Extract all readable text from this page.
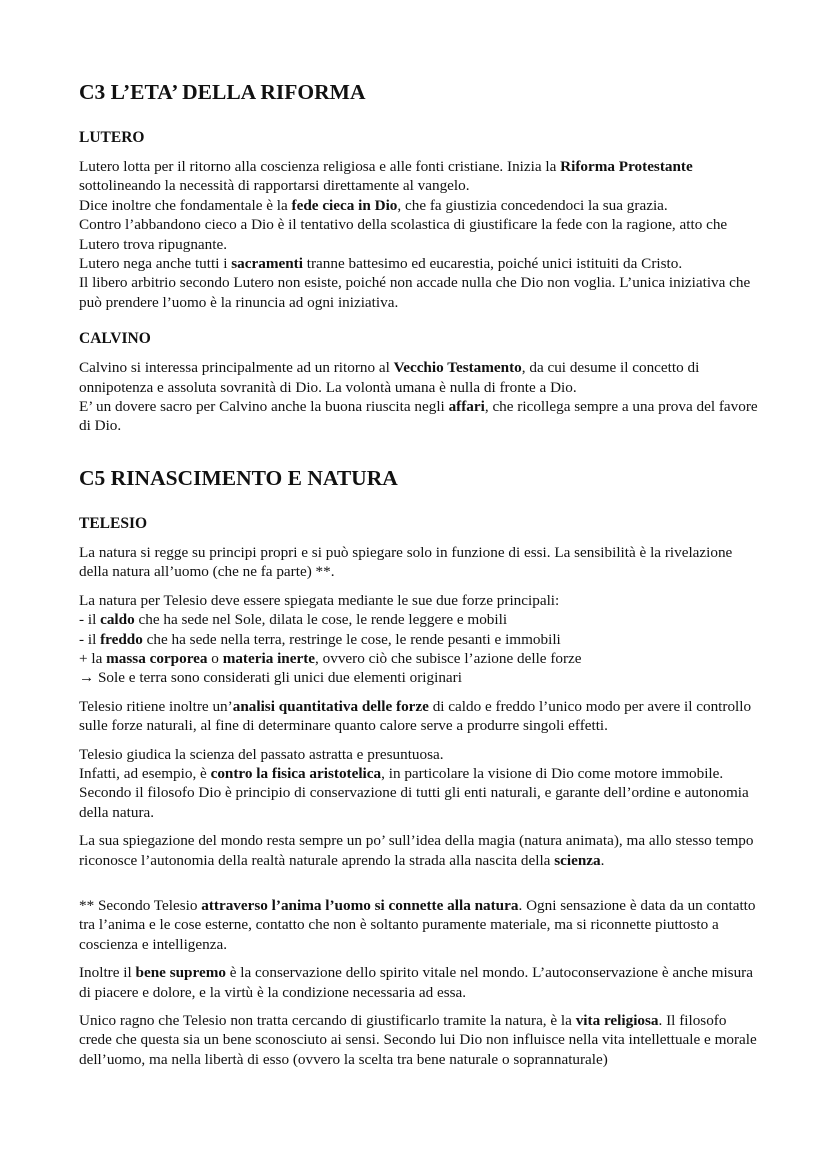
C3 L’ETA’ DELLA RIFORMA
LUTERO

Lutero lotta per il ritorno alla coscienza religiosa e alle fonti cristiane. Inizia la Riforma Protestante sottolineando la necessità di rapportarsi direttamente al vangelo.

Dice inoltre che fondamentale è la fede cieca in Dio, che fa giustizia concedendoci la sua grazia.

Contro l’abbandono cieco a Dio è il tentativo della scolastica di giustificare la fede con la ragione, atto che Lutero trova ripugnante.

Lutero nega anche tutti i sacramenti tranne battesimo ed eucarestia, poiché unici istituiti da Cristo.

Il libero arbitrio secondo Lutero non esiste, poiché non accade nulla che Dio non voglia. L’unica iniziativa che può prendere l’uomo è la rinuncia ad ogni iniziativa.

CALVINO

Calvino si interessa principalmente ad un ritorno al Vecchio Testamento, da cui desume il concetto di onnipotenza e assoluta sovranità di Dio. La volontà umana è nulla di fronte a Dio.

E’ un dovere sacro per Calvino anche la buona riuscita negli affari, che ricollega sempre a una prova del favore di Dio.

C5 RINASCIMENTO E NATURA
TELESIO

La natura si regge su principi propri e si può spiegare solo in funzione di essi. La sensibilità è la rivelazione della natura all’uomo (che ne fa parte) **.

La natura per Telesio deve essere spiegata mediante le sue due forze principali:

- il caldo che ha sede nel Sole, dilata le cose, le rende leggere e mobili

- il freddo che ha sede nella terra, restringe le cose, le rende pesanti e immobili

+ la massa corporea o materia inerte, ovvero ciò che subisce l’azione delle forze

→ Sole e terra sono considerati gli unici due elementi originari

Telesio ritiene inoltre un’analisi quantitativa delle forze di caldo e freddo l’unico modo per avere il controllo sulle forze naturali, al fine di determinare quanto calore serve a produrre singoli effetti.

Telesio giudica la scienza del passato astratta e presuntuosa.

Infatti, ad esempio, è contro la fisica aristotelica, in particolare la visione di Dio come motore immobile. Secondo il filosofo Dio è principio di conservazione di tutti gli enti naturali, e garante dell’ordine e autonomia della natura.

La sua spiegazione del mondo resta sempre un po’ sull’idea della magia (natura animata), ma allo stesso tempo riconosce l’autonomia della realtà naturale aprendo la strada alla nascita della scienza.

** Secondo Telesio attraverso l’anima l’uomo si connette alla natura. Ogni sensazione è data da un contatto tra l’anima e le cose esterne, contatto che non è soltanto puramente materiale, ma si riconnette piuttosto a coscienza e intelligenza.

Inoltre il bene supremo è la conservazione dello spirito vitale nel mondo. L’autoconservazione è anche misura di piacere e dolore, e la virtù è la condizione necessaria ad essa.

Unico ragno che Telesio non tratta cercando di giustificarlo tramite la natura, è la vita religiosa. Il filosofo crede che questa sia un bene sconosciuto ai sensi. Secondo lui Dio non influisce nella vita intellettuale e morale dell’uomo, ma nella libertà di esso (ovvero la scelta tra bene naturale o soprannaturale)
